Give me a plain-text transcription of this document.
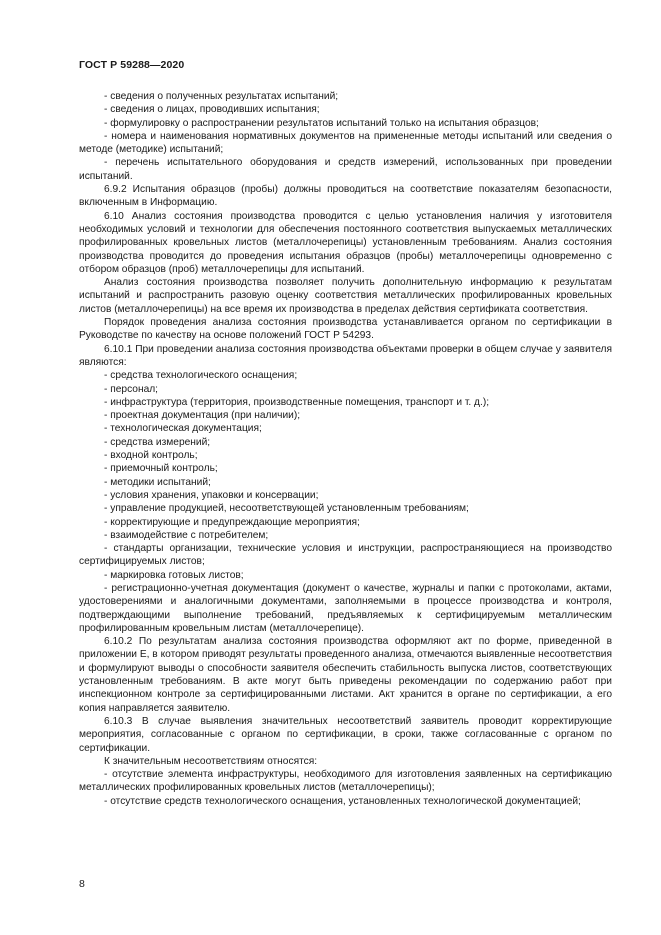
ГОСТ Р 59288—2020

- сведения о полученных результатах испытаний;

- сведения о лицах, проводивших испытания;

- формулировку о распространении результатов испытаний только на испытания образцов;

- номера и наименования нормативных документов на примененные методы испытаний или сведения о методе (методике) испытаний;

- перечень испытательного оборудования и средств измерений, использованных при проведении испытаний.

6.9.2 Испытания образцов (пробы) должны проводиться на соответствие показателям безопасности, включенным в Информацию.

6.10 Анализ состояния производства проводится с целью установления наличия у изготовителя необходимых условий и технологии для обеспечения постоянного соответствия выпускаемых металлических профилированных кровельных листов (металлочерепицы) установленным требованиям. Анализ состояния производства проводится до проведения испытания образцов (пробы) металлочерепицы одновременно с отбором образцов (проб) металлочерепицы для испытаний.

Анализ состояния производства позволяет получить дополнительную информацию к результатам испытаний и распространить разовую оценку соответствия металлических профилированных кровельных листов (металлочерепицы) на все время их производства в пределах действия сертификата соответствия.

Порядок проведения анализа состояния производства устанавливается органом по сертификации в Руководстве по качеству на основе положений ГОСТ Р 54293.

6.10.1 При проведении анализа состояния производства объектами проверки в общем случае у заявителя являются:

- средства технологического оснащения;

- персонал;

- инфраструктура (территория, производственные помещения, транспорт и т. д.);

- проектная документация (при наличии);

- технологическая документация;

- средства измерений;

- входной контроль;

- приемочный контроль;

- методики испытаний;

- условия хранения, упаковки и консервации;

- управление продукцией, несоответствующей установленным требованиям;

- корректирующие и предупреждающие мероприятия;

- взаимодействие с потребителем;

- стандарты организации, технические условия и инструкции, распространяющиеся на производство сертифицируемых листов;

- маркировка готовых листов;

- регистрационно-учетная документация (документ о качестве, журналы и папки с протоколами, актами, удостоверениями и аналогичными документами, заполняемыми в процессе производства и контроля, подтверждающими выполнение требований, предъявляемых к сертифицируемым металлическим профилированным кровельным листам (металлочерепице).

6.10.2 По результатам анализа состояния производства оформляют акт по форме, приведенной в приложении Е, в котором приводят результаты проведенного анализа, отмечаются выявленные несоответствия и формулируют выводы о способности заявителя обеспечить стабильность выпуска листов, соответствующих установленным требованиям. В акте могут быть приведены рекомендации по содержанию работ при инспекционном контроле за сертифицированными листами. Акт хранится в органе по сертификации, а его копия направляется заявителю.

6.10.3 В случае выявления значительных несоответствий заявитель проводит корректирующие мероприятия, согласованные с органом по сертификации, в сроки, также согласованные с органом по сертификации.

К значительным несоответствиям относятся:

- отсутствие элемента инфраструктуры, необходимого для изготовления заявленных на сертификацию металлических профилированных кровельных листов (металлочерепицы);

- отсутствие средств технологического оснащения, установленных технологической документацией;

8
